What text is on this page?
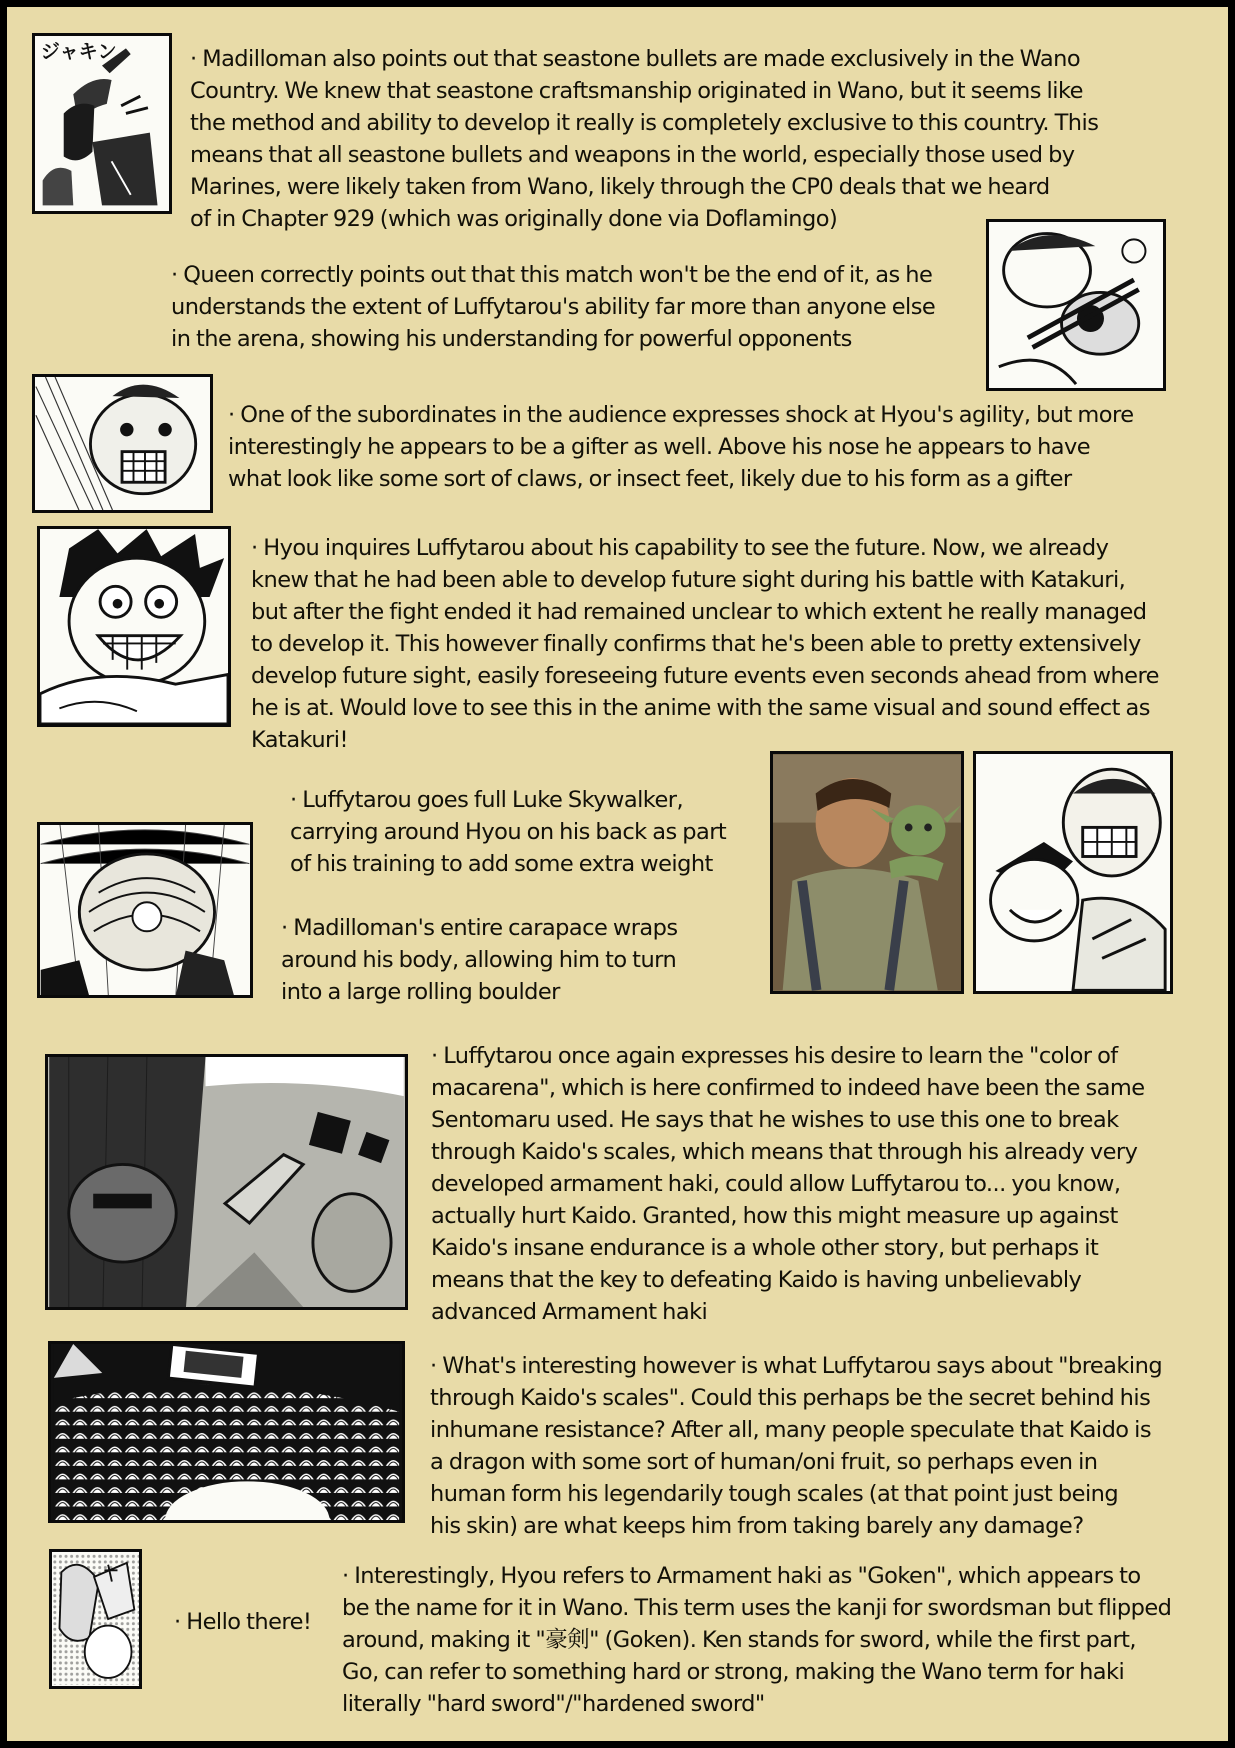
ジャキン	· Madilloman also points out that seastone bullets are made exclusively in the Wano
Country. We knew that seastone craftsmanship originated in Wano, but it seems like
the method and ability to develop it really is completely exclusive to this country. This
means that all seastone bullets and weapons in the world, especially those used by
Marines, were likely taken from Wano, likely through the CP0 deals that we heard
of in Chapter 929 (which was originally done via Doflamingo)
· Queen correctly points out that this match won't be the end of it, as he
understands the extent of Luffytarou's ability far more than anyone else
in the arena, showing his understanding for powerful opponents
· One of the subordinates in the audience expresses shock at Hyou's agility, but more
interestingly he appears to be a gifter as well. Above his nose he appears to have
what look like some sort of claws, or insect feet, likely due to his form as a gifter
· Hyou inquires Luffytarou about his capability to see the future. Now, we already
knew that he had been able to develop future sight during his battle with Katakuri,
but after the fight ended it had remained unclear to which extent he really managed
to develop it. This however finally confirms that he's been able to pretty extensively
develop future sight, easily foreseeing future events even seconds ahead from where
he is at. Would love to see this in the anime with the same visual and sound effect as
Katakuri!
· Luffytarou goes full Luke Skywalker,
carrying around Hyou on his back as part
of his training to add some extra weight
· Madilloman's entire carapace wraps
around his body, allowing him to turn
into a large rolling boulder
· Luffytarou once again expresses his desire to learn the "color of
macarena", which is here confirmed to indeed have been the same
Sentomaru used. He says that he wishes to use this one to break
through Kaido's scales, which means that through his already very
developed armament haki, could allow Luffytarou to... you know,
actually hurt Kaido. Granted, how this might measure up against
Kaido's insane endurance is a whole other story, but perhaps it
means that the key to defeating Kaido is having unbelievably
advanced Armament haki
· What's interesting however is what Luffytarou says about "breaking
through Kaido's scales". Could this perhaps be the secret behind his
inhumane resistance? After all, many people speculate that Kaido is
a dragon with some sort of human/oni fruit, so perhaps even in
human form his legendarily tough scales (at that point just being
his skin) are what keeps him from taking barely any damage?
· Hello there!
· Interestingly, Hyou refers to Armament haki as "Goken", which appears to
be the name for it in Wano. This term uses the kanji for swordsman but flipped
around, making it "豪剣" (Goken). Ken stands for sword, while the first part,
Go, can refer to something hard or strong, making the Wano term for haki
literally "hard sword"/"hardened sword"
